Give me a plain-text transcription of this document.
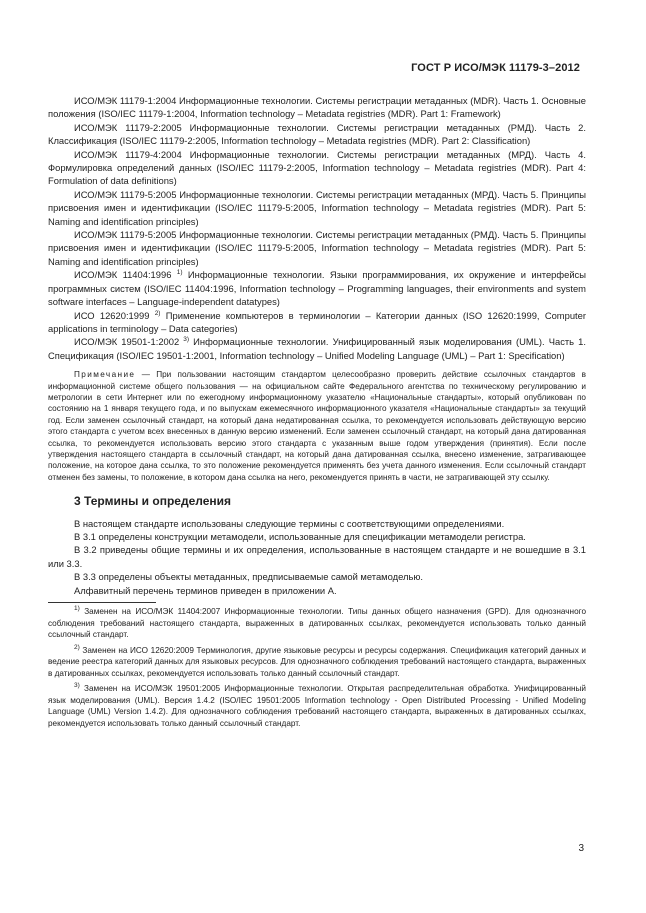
ГОСТ Р ИСО/МЭК 11179-3–2012

ИСО/МЭК 11179-1:2004 Информационные технологии. Системы регистрации метаданных (MDR). Часть 1. Основные положения (ISO/IEC 11179-1:2004, Information technology – Metadata registries (MDR). Part 1: Framework)

ИСО/МЭК 11179-2:2005 Информационные технологии. Системы регистрации метаданных (РМД). Часть 2. Классификация (ISO/IEC 11179-2:2005, Information technology – Metadata registries (MDR). Part 2: Classification)

ИСО/МЭК 11179-4:2004 Информационные технологии. Системы регистрации метаданных (МРД). Часть 4. Формулировка определений данных (ISO/IEC 11179-2:2005, Information technology – Metadata registries (MDR). Part 4: Formulation of data definitions)

ИСО/МЭК 11179-5:2005 Информационные технологии. Системы регистрации метаданных (МРД). Часть 5. Принципы присвоения имен и идентификации (ISO/IEC 11179-5:2005, Information technology – Metadata registries (MDR). Part 5: Naming and identification principles)

ИСО/МЭК 11179-5:2005 Информационные технологии. Системы регистрации метаданных (РМД). Часть 5. Принципы присвоения имен и идентификации (ISO/IEC 11179-5:2005, Information technology – Metadata registries (MDR). Part 5: Naming and identification principles)

ИСО/МЭК 11404:1996 $^{1)}$ Информационные технологии. Языки программирования, их окружение и интерфейсы программных систем (ISO/IEC 11404:1996, Information technology – Programming languages, their environments and system software interfaces – Language-independent datatypes)

ИСО 12620:1999 $^{2)}$ Применение компьютеров в терминологии – Категории данных (ISO 12620:1999, Computer applications in terminology – Data categories)

ИСО/МЭК 19501-1:2002 $^{3)}$ Информационные технологии. Унифицированный язык моделирования (UML). Часть 1. Спецификация (ISO/IEC 19501-1:2001, Information technology – Unified Modeling Language (UML) – Part 1: Specification)

Примечание — При пользовании настоящим стандартом целесообразно проверить действие ссылочных стандартов в информационной системе общего пользования — на официальном сайте Федерального агентства по техническому регулированию и метрологии в сети Интернет или по ежегодному информационному указателю «Национальные стандарты», который опубликован по состоянию на 1 января текущего года, и по выпускам ежемесячного информационного указателя «Национальные стандарты» за текущий год. Если заменен ссылочный стандарт, на который дана недатированная ссылка, то рекомендуется использовать действующую версию этого стандарта с учетом всех внесенных в данную версию изменений. Если заменен ссылочный стандарт, на который дана датированная ссылка, то рекомендуется использовать версию этого стандарта с указанным выше годом утверждения (принятия). Если после утверждения настоящего стандарта в ссылочный стандарт, на который дана датированная ссылка, внесено изменение, затрагивающее положение, на которое дана ссылка, то это положение рекомендуется применять без учета данного изменения. Если ссылочный стандарт отменен без замены, то положение, в котором дана ссылка на него, рекомендуется принять в части, не затрагивающей эту ссылку.

3 Термины и определения

В настоящем стандарте использованы следующие термины с соответствующими определениями.

В 3.1 определены конструкции метамодели, использованные для спецификации метамодели регистра.

В 3.2 приведены общие термины и их определения, использованные в настоящем стандарте и не вошедшие в 3.1 или 3.3.

В 3.3 определены объекты метаданных, предписываемые самой метамоделью.

Алфавитный перечень терминов приведен в приложении А.

$^{1)}$ Заменен на ИСО/МЭК 11404:2007 Информационные технологии. Типы данных общего назначения (GPD). Для однозначного соблюдения требований настоящего стандарта, выраженных в датированных ссылках, рекомендуется использовать только данный ссылочный стандарт.

$^{2)}$ Заменен на ИСО 12620:2009 Терминология, другие языковые ресурсы и ресурсы содержания. Спецификация категорий данных и ведение реестра категорий данных для языковых ресурсов. Для однозначного соблюдения требований настоящего стандарта, выраженных в датированных ссылках, рекомендуется использовать только данный ссылочный стандарт.

$^{3)}$ Заменен на ИСО/МЭК 19501:2005 Информационные технологии. Открытая распределительная обработка. Унифицированный язык моделирования (UML). Версия 1.4.2 (ISO/IEC 19501:2005 Information technology - Open Distributed Processing - Unified Modeling Language (UML) Version 1.4.2). Для однозначного соблюдения требований настоящего стандарта, выраженных в датированных ссылках, рекомендуется использовать только данный ссылочный стандарт.

3
